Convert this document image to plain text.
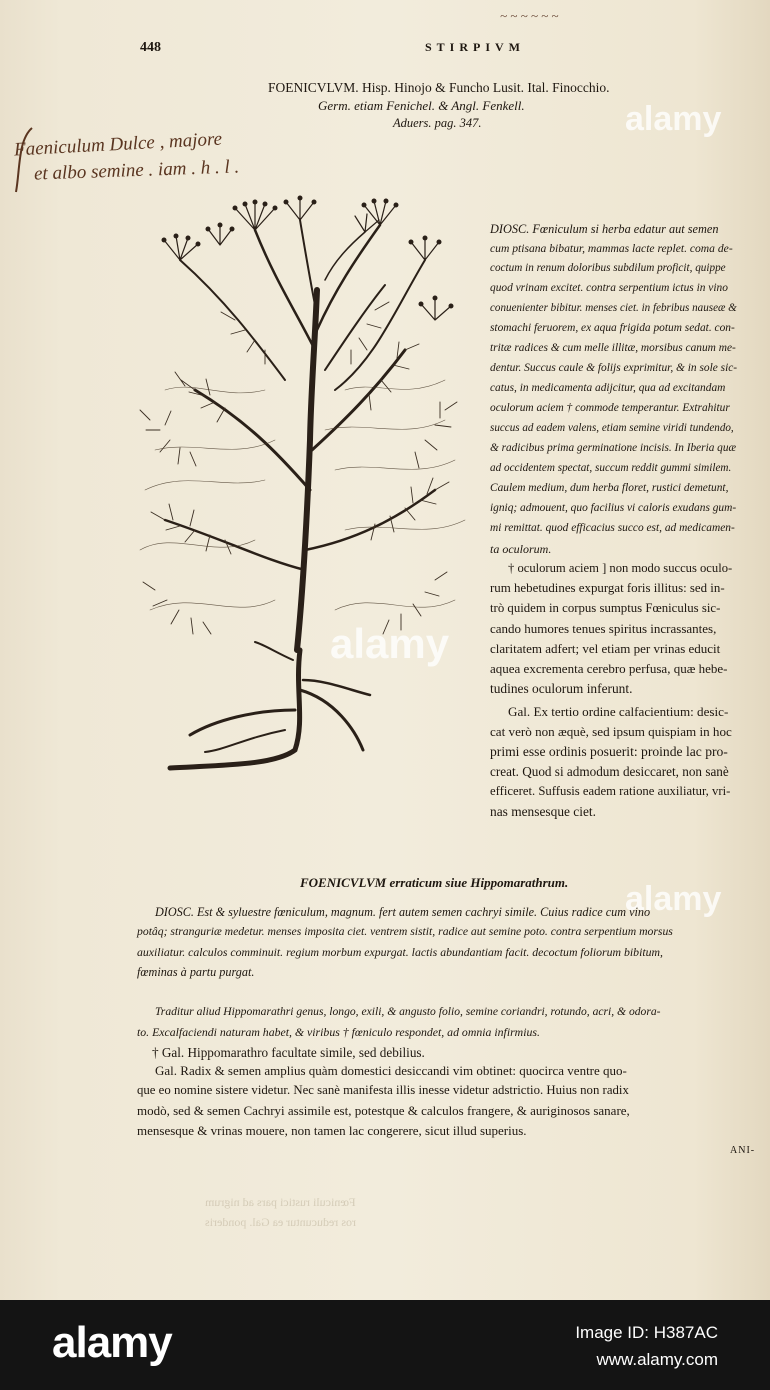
~ ~ ~ ~ ~ ~
448	STIRPIVM
FOENICVLVM. Hisp. Hinojo & Funcho Lusit. Ital. Finocchio.
Germ. etiam Fenichel. & Angl. Fenkell.
Aduers. pag. 347.
Faeniculum Dulce , majore
et albo semine . iam . h . l .
DIOSC. Fœniculum si herba edatur aut semen
cum ptisana bibatur, mammas lacte replet. coma de-
coctum in renum doloribus subdilum proficit, quippe
quod vrinam excitet. contra serpentium ictus in vino
conuenienter bibitur. menses ciet. in febribus nauseæ &
stomachi feruorem, ex aqua frigida potum sedat. con-
tritæ radices & cum melle illitæ, morsibus canum me-
dentur. Succus caule & folijs exprimitur, & in sole sic-
catus, in medicamenta adijcitur, qua ad excitandam
oculorum aciem † commode temperantur. Extrahitur
succus ad eadem valens, etiam semine viridi tundendo,
& radicibus prima germinatione incisis. In Iberia quæ
ad occidentem spectat, succum reddit gummi similem.
Caulem medium, dum herba floret, rustici demetunt,
igniq; admouent, quo facilius vi caloris exudans gum-
mi remittat. quod efficacius succo est, ad medicamen-
ta oculorum.
† oculorum aciem ] non modo succus oculo-
rum hebetudines expurgat foris illitus: sed in-
trò quidem in corpus sumptus Fœniculus sic-
cando humores tenues spiritus incrassantes,
claritatem adfert; vel etiam per vrinas educit
aquea excrementa cerebro perfusa, quæ hebe-
tudines oculorum inferunt.
Gal. Ex tertio ordine calfacientium: desic-
cat verò non æquè, sed ipsum quispiam in hoc
primi esse ordinis posuerit: proinde lac pro-
creat. Quod si admodum desiccaret, non sanè
efficeret. Suffusis eadem ratione auxiliatur, vri-
nas mensesque ciet.
FOENICVLVM erraticum siue Hippomarathrum.
DIOSC. Est & syluestre fœniculum, magnum. fert autem semen cachryi simile. Cuius radice cum vino
potâq; stranguriæ medetur. menses imposita ciet. ventrem sistit, radice aut semine poto. contra serpentium morsus
auxiliatur. calculos comminuit. regium morbum expurgat. lactis abundantiam facit. decoctum foliorum bibitum,
fœminas à partu purgat.
Traditur aliud Hippomarathri genus, longo, exili, & angusto folio, semine coriandri, rotundo, acri, & odora-
to. Excalfaciendi naturam habet, & viribus † fœniculo respondet, ad omnia infirmius.
† Gal. Hippomarathro facultate simile, sed debilius.
Gal. Radix & semen amplius quàm domestici desiccandi vim obtinet: quocirca ventre quo-
que eo nomine sistere videtur. Nec sanè manifesta illis inesse videtur adstrictio. Huius non radix
modò, sed & semen Cachryi assimile est, potestque & calculos frangere, & auriginosos sanare,
mensesque & vrinas mouere, non tamen lac congerere, sicut illud superius.
ANI-
Fœniculi rustici pars ad nigrum
ros reducuntur ea Gal. ponderis
alamy
alamy
alamy
alamy	Image ID: H387AC
www.alamy.com
